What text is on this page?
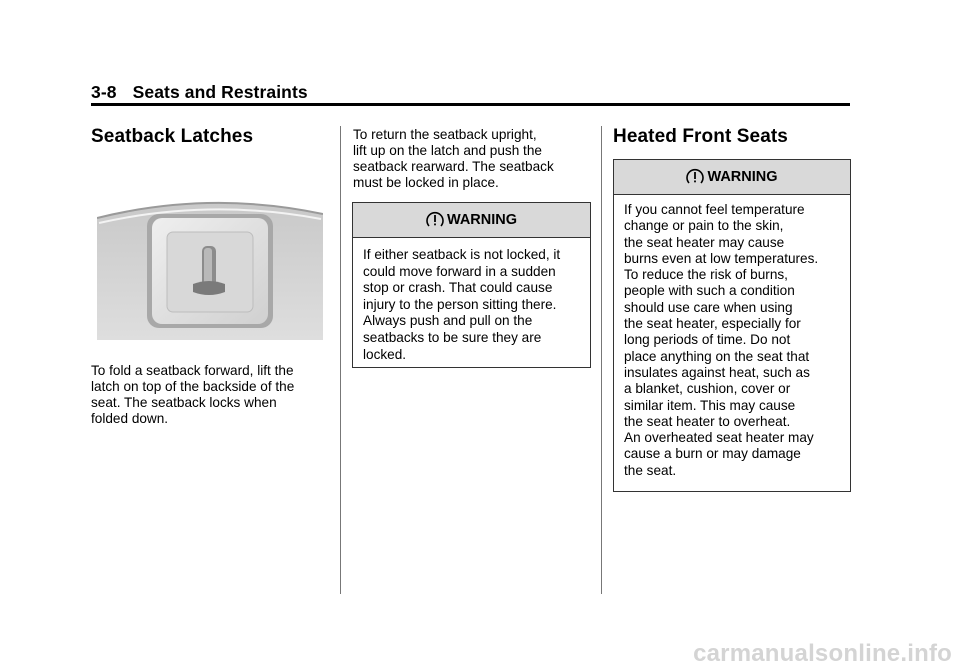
3-8 Seats and Restraints
Seatback Latches

To fold a seatback forward, lift the
latch on top of the backside of the
seat. The seatback locks when
folded down.

To return the seatback upright,
lift up on the latch and push the
seatback rearward. The seatback
must be locked in place.

WARNING
If either seatback is not locked, it
could move forward in a sudden
stop or crash. That could cause
injury to the person sitting there.
Always push and pull on the
seatbacks to be sure they are
locked.
Heated Front Seats
WARNING
If you cannot feel temperature
change or pain to the skin,
the seat heater may cause
burns even at low temperatures.
To reduce the risk of burns,
people with such a condition
should use care when using
the seat heater, especially for
long periods of time. Do not
place anything on the seat that
insulates against heat, such as
a blanket, cushion, cover or
similar item. This may cause
the seat heater to overheat.
An overheated seat heater may
cause a burn or may damage
the seat.
carmanualsonline.info
